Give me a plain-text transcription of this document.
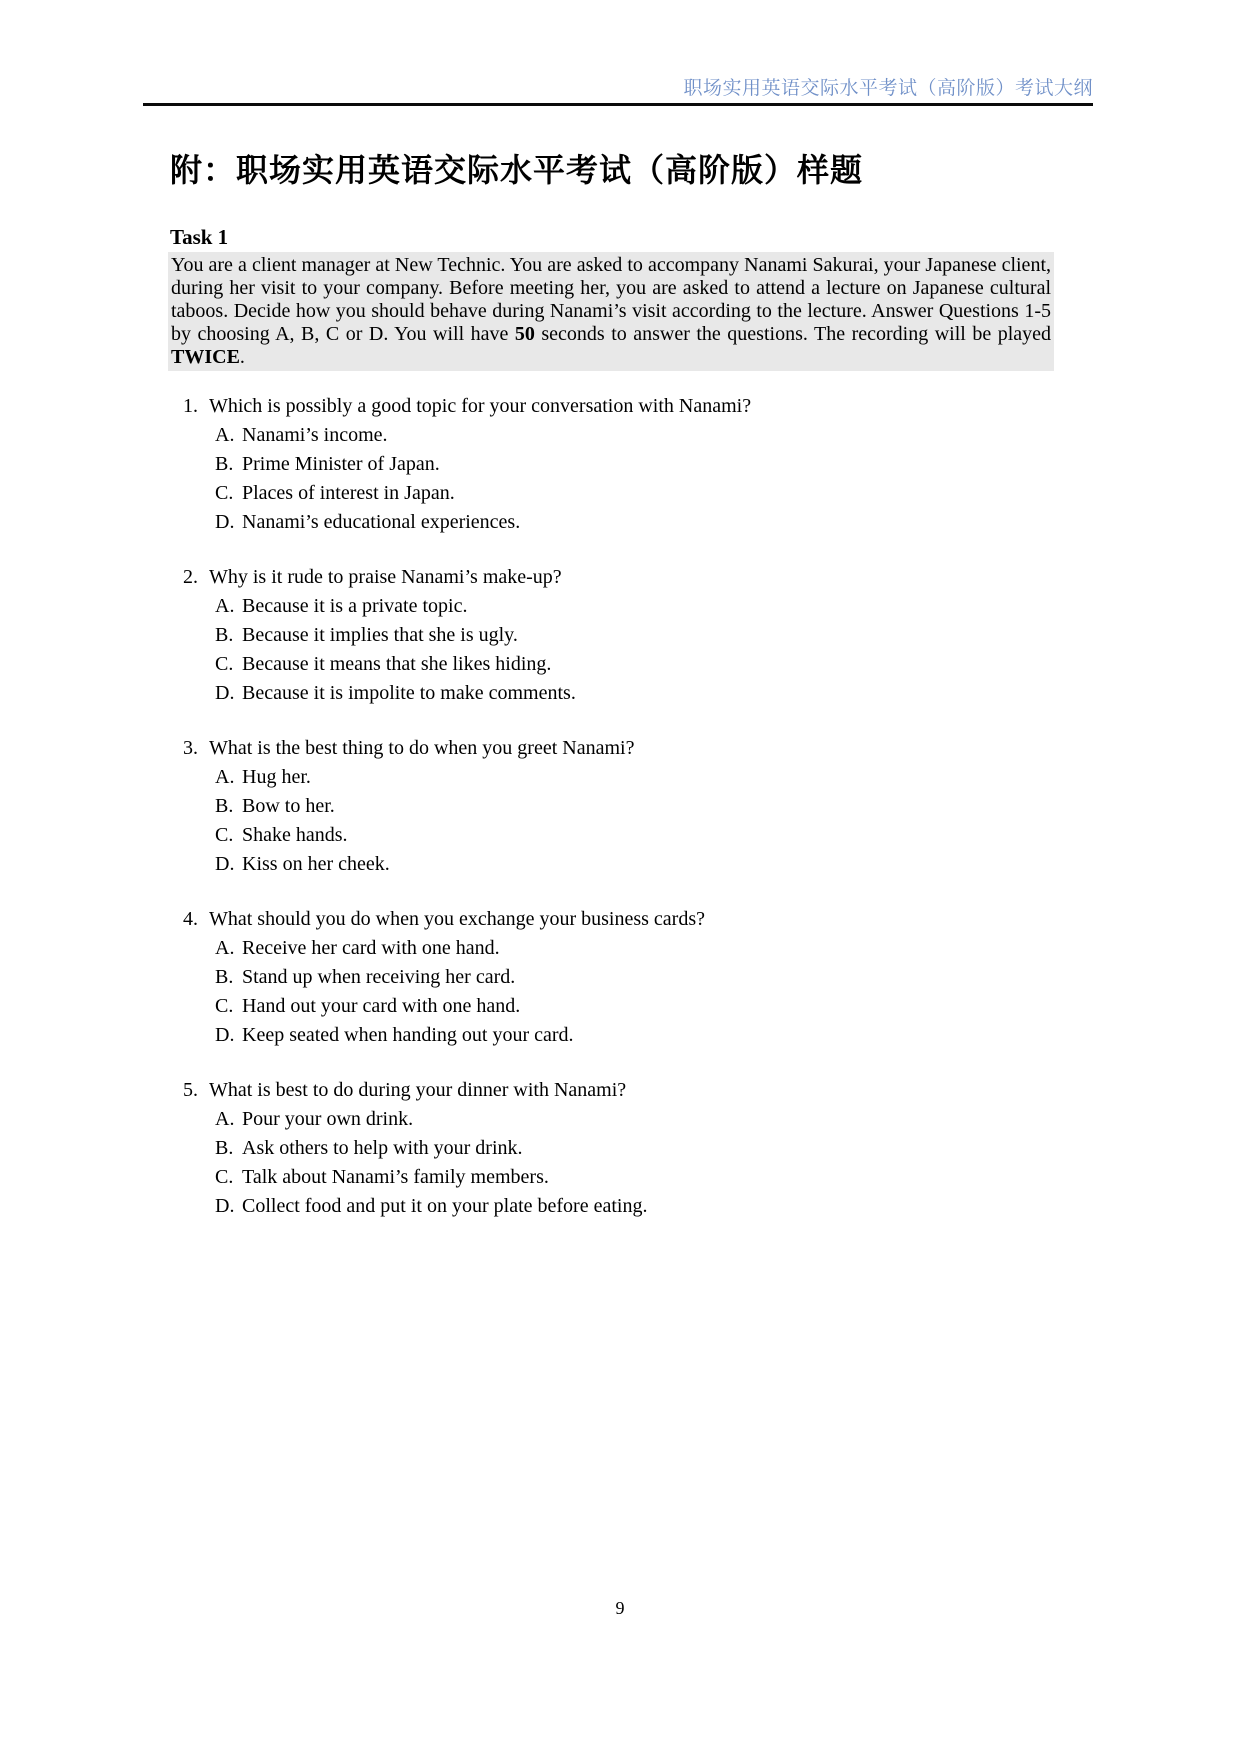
职场实用英语交际水平考试（高阶版）考试大纲
附：职场实用英语交际水平考试（高阶版）样题
Task 1

You are a client manager at New Technic. You are asked to accompany Nanami Sakurai, your Japanese client, during her visit to your company. Before meeting her, you are asked to attend a lecture on Japanese cultural taboos. Decide how you should behave during Nanami’s visit according to the lecture. Answer Questions 1-5 by choosing A, B, C or D. You will have 50 seconds to answer the questions. The recording will be played TWICE.

1. Which is possibly a good topic for your conversation with Nanami?
A. Nanami’s income.
B. Prime Minister of Japan.
C. Places of interest in Japan.
D. Nanami’s educational experiences.
2. Why is it rude to praise Nanami’s make-up?
A. Because it is a private topic.
B. Because it implies that she is ugly.
C. Because it means that she likes hiding.
D. Because it is impolite to make comments.
3. What is the best thing to do when you greet Nanami?
A. Hug her.
B. Bow to her.
C. Shake hands.
D. Kiss on her cheek.
4. What should you do when you exchange your business cards?
A. Receive her card with one hand.
B. Stand up when receiving her card.
C. Hand out your card with one hand.
D. Keep seated when handing out your card.
5. What is best to do during your dinner with Nanami?
A. Pour your own drink.
B. Ask others to help with your drink.
C. Talk about Nanami’s family members.
D. Collect food and put it on your plate before eating.
9
